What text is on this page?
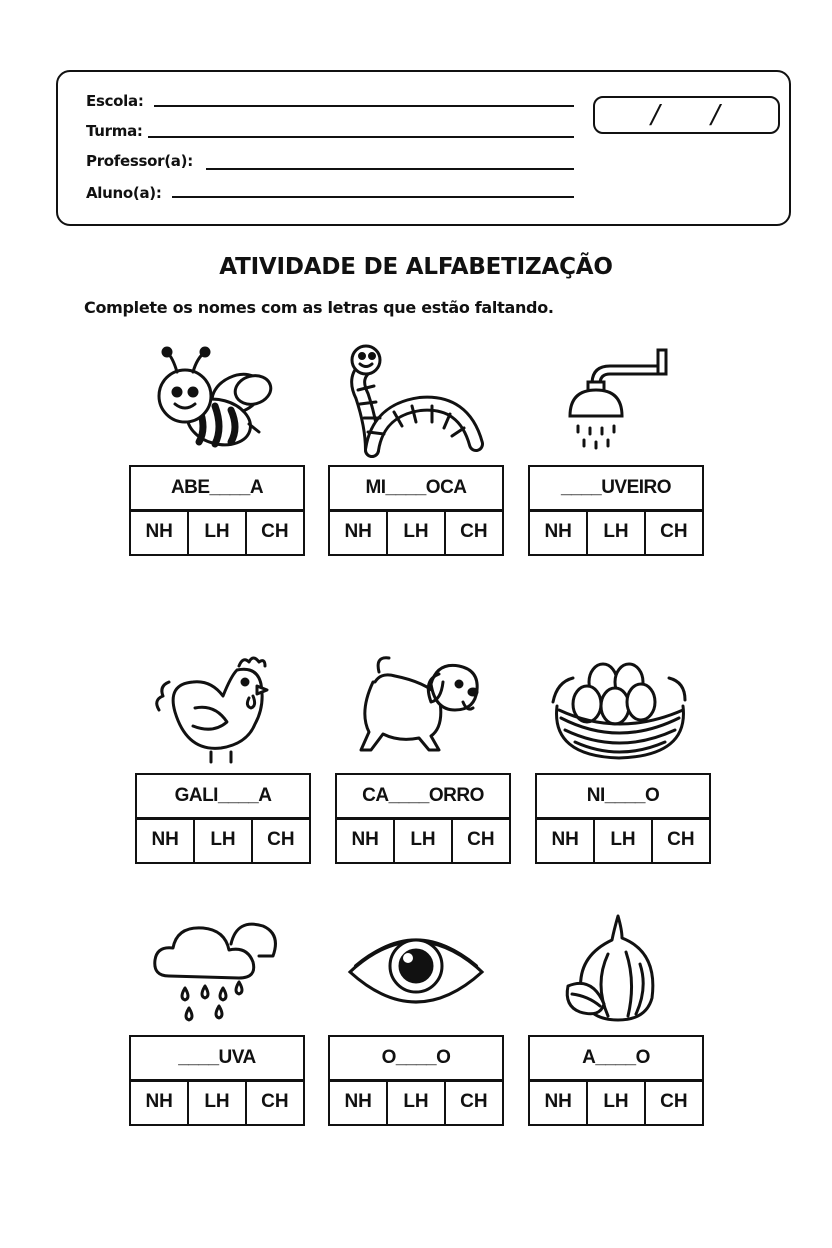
Escola:
Turma:
Professor(a):
Aluno(a):
/ /
ATIVIDADE DE ALFABETIZAÇÃO
Complete os nomes com as letras que estão faltando.
ABE____A
NH	LH	CH
MI____OCA
NH	LH	CH
____UVEIRO
NH	LH	CH
GALI____A
NH	LH	CH
CA____ORRO
NH	LH	CH
NI____O
NH	LH	CH
____UVA
NH	LH	CH
O____O
NH	LH	CH
A____O
NH	LH	CH
